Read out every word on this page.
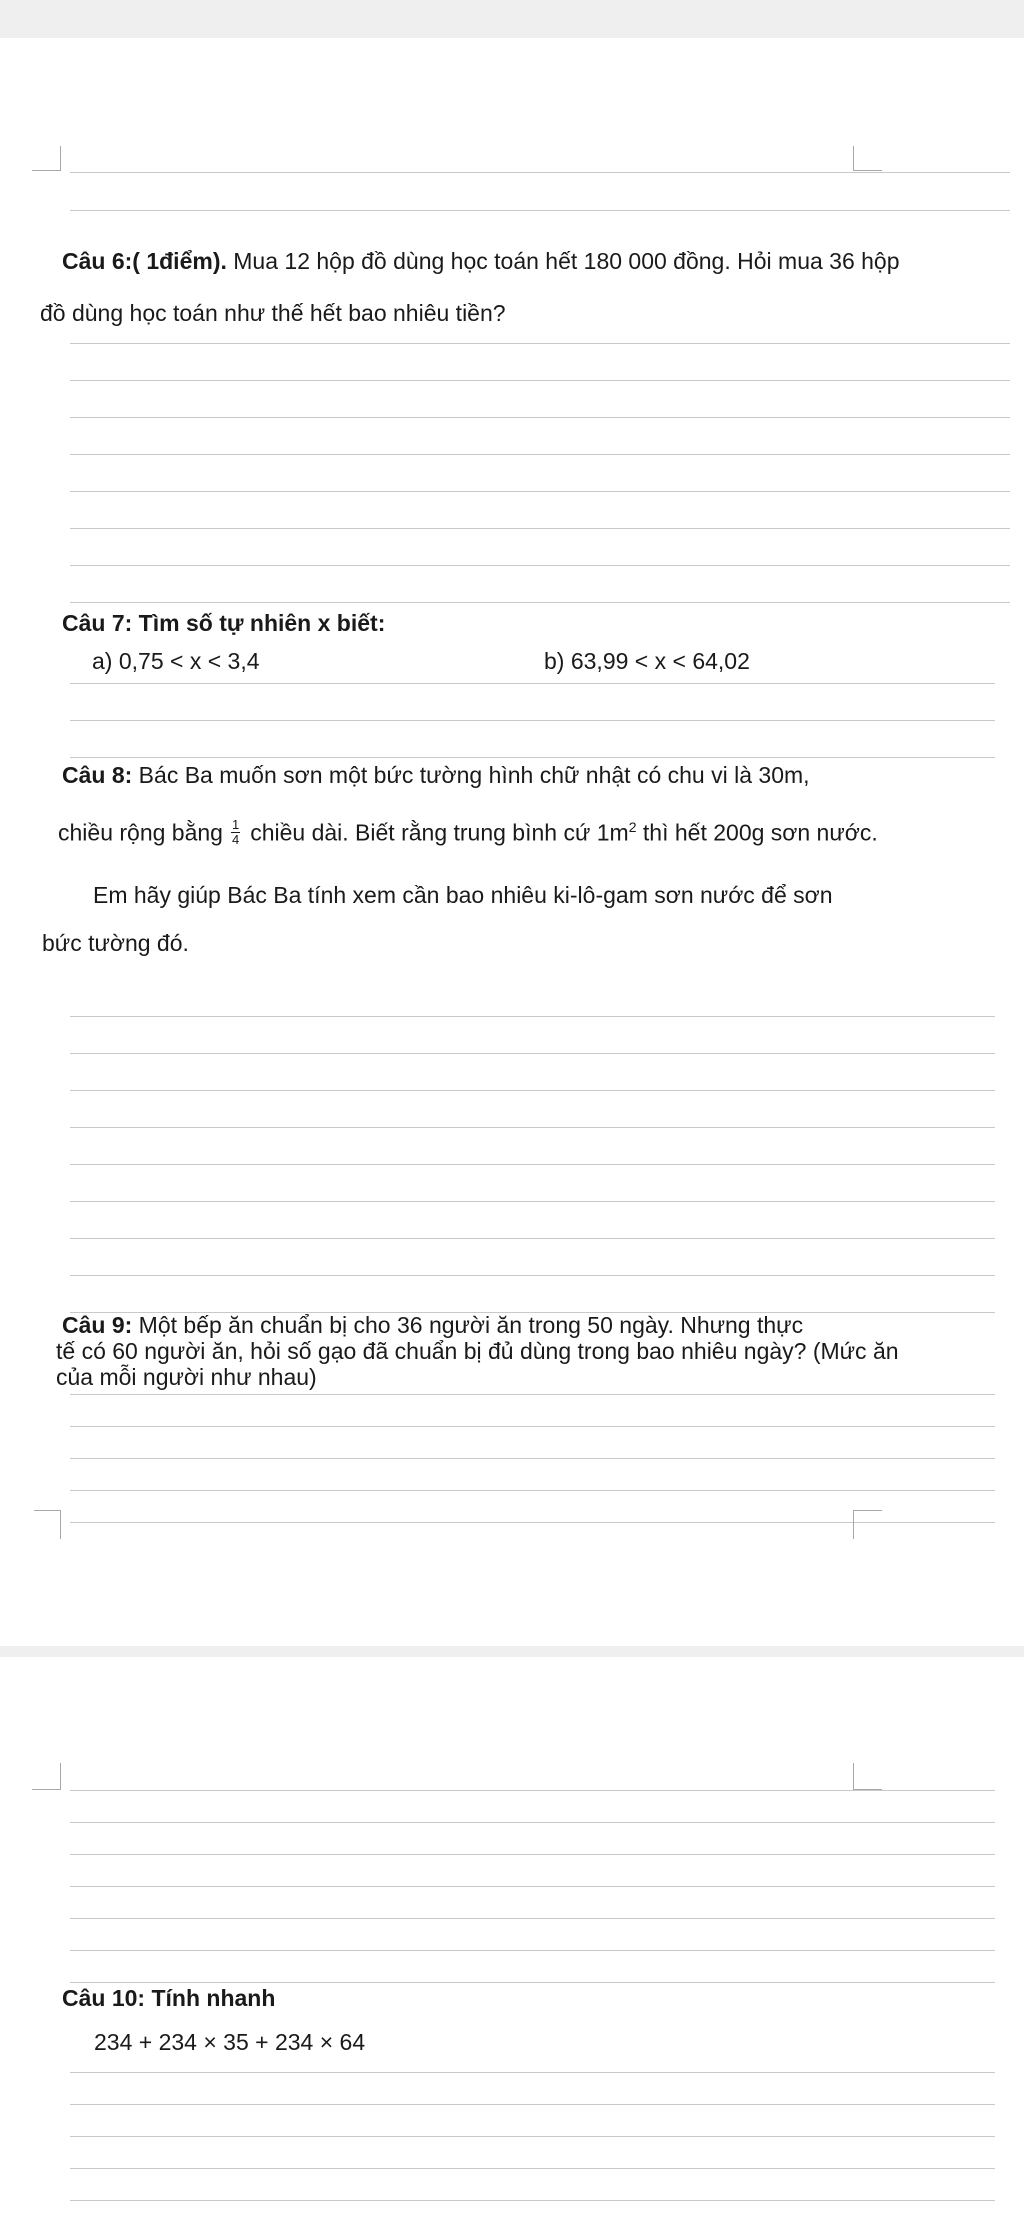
Câu 6:( 1điểm). Mua 12 hộp đồ dùng học toán hết 180 000 đồng. Hỏi mua 36 hộp
đồ dùng học toán như thế hết bao nhiêu tiền?
Câu 7: Tìm số tự nhiên x biết:
a) 0,75 < x < 3,4	b) 63,99 < x < 64,02
Câu 8: Bác Ba muốn sơn một bức tường hình chữ nhật có chu vi là 30m,
chiều rộng bằng $\frac{1}{4}$ chiều dài. Biết rằng trung bình cứ $1m^2$ thì hết 200g sơn nước.
Em hãy giúp Bác Ba tính xem cần bao nhiêu ki-lô-gam sơn nước để sơn
bức tường đó.
Câu 9: Một bếp ăn chuẩn bị cho 36 người ăn trong 50 ngày. Nhưng thực
tế có 60 người ăn, hỏi số gạo đã chuẩn bị đủ dùng trong bao nhiêu ngày? (Mức ăn
của mỗi người như nhau)
Câu 10: Tính nhanh
234 + 234 × 35 + 234 × 64
